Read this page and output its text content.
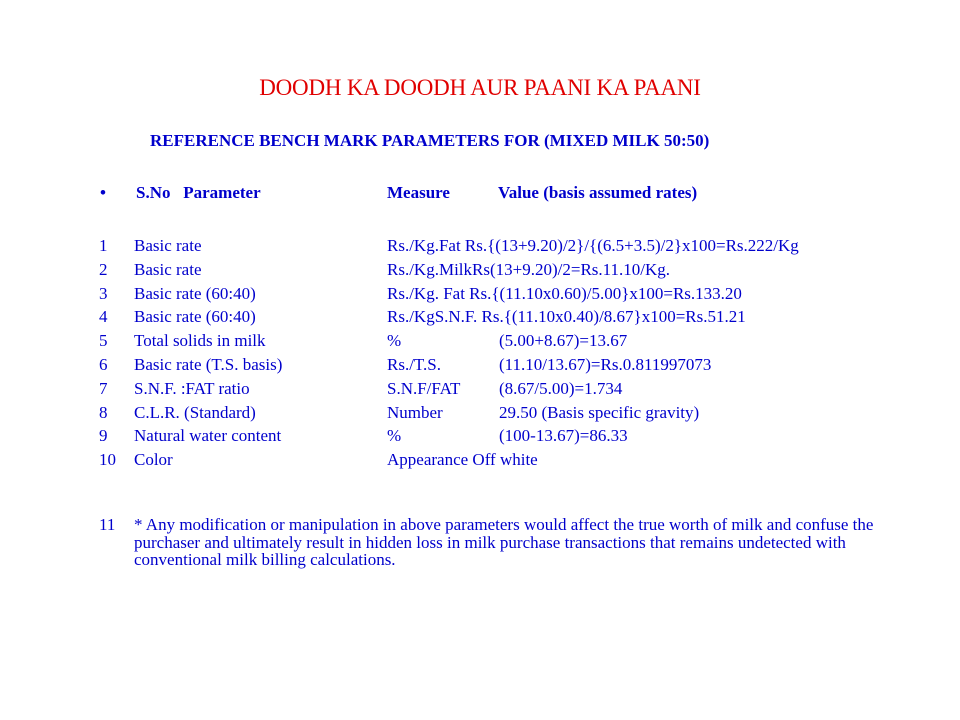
DOODH KA DOODH AUR PAANI KA PAANI
REFERENCE BENCH MARK PARAMETERS FOR (MIXED MILK 50:50)
• S.No Parameter	Measure	Value (basis assumed rates)
1 Basic rate	Rs./Kg.Fat Rs.{(13+9.20)/2}/{(6.5+3.5)/2}x100=Rs.222/Kg
2 Basic rate	Rs./Kg.MilkRs(13+9.20)/2=Rs.11.10/Kg.
3 Basic rate (60:40)	Rs./Kg. Fat Rs.{(11.10x0.60)/5.00}x100=Rs.133.20
4 Basic rate (60:40)	Rs./KgS.N.F. Rs.{(11.10x0.40)/8.67}x100=Rs.51.21
5 Total solids in milk	%	(5.00+8.67)=13.67
6 Basic rate (T.S. basis)	Rs./T.S.	(11.10/13.67)=Rs.0.811997073
7 S.N.F. :FAT ratio	S.N.F/FAT (8.67/5.00)=1.734
8 C.L.R. (Standard)	Number	29.50 (Basis specific gravity)
9 Natural water content	%	(100-13.67)=86.33
10 Color	Appearance Off white
11 * Any modification or manipulation in above parameters would affect the true worth of milk and confuse the purchaser and ultimately result in hidden loss in milk purchase transactions that remains undetected with conventional milk billing calculations.
